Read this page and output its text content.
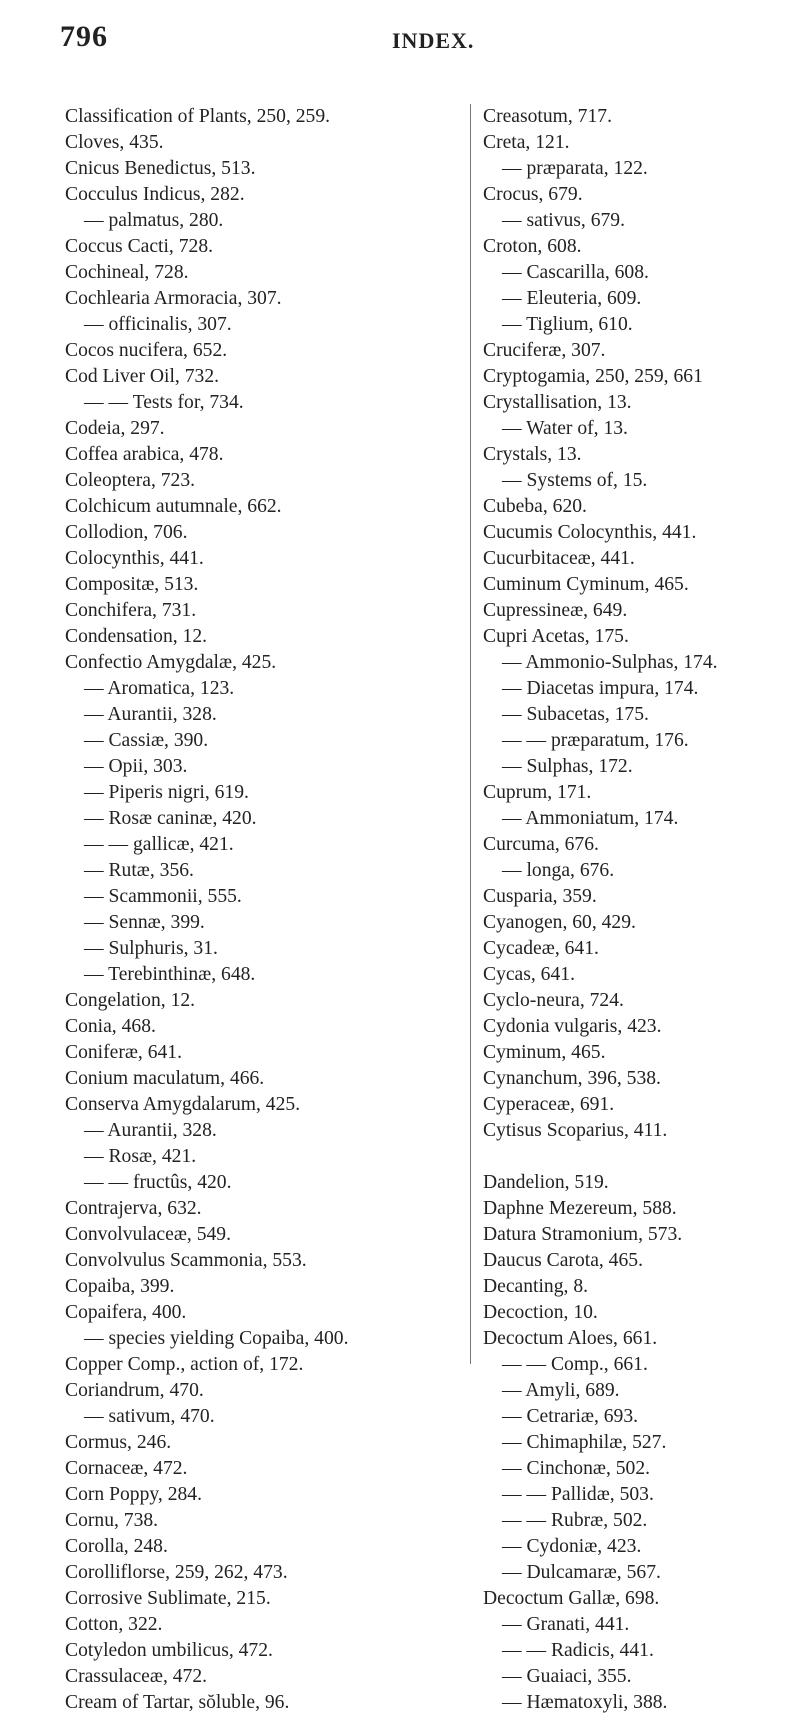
796	INDEX.
Classification of Plants, 250, 259.
Cloves, 435.
Cnicus Benedictus, 513.
Cocculus Indicus, 282.
— palmatus, 280.
Coccus Cacti, 728.
Cochineal, 728.
Cochlearia Armoracia, 307.
— officinalis, 307.
Cocos nucifera, 652.
Cod Liver Oil, 732.
— — Tests for, 734.
Codeia, 297.
Coffea arabica, 478.
Coleoptera, 723.
Colchicum autumnale, 662.
Collodion, 706.
Colocynthis, 441.
Compositæ, 513.
Conchifera, 731.
Condensation, 12.
Confectio Amygdalæ, 425.
— Aromatica, 123.
— Aurantii, 328.
— Cassiæ, 390.
— Opii, 303.
— Piperis nigri, 619.
— Rosæ caninæ, 420.
— — gallicæ, 421.
— Rutæ, 356.
— Scammonii, 555.
— Sennæ, 399.
— Sulphuris, 31.
— Terebinthinæ, 648.
Congelation, 12.
Conia, 468.
Coniferæ, 641.
Conium maculatum, 466.
Conserva Amygdalarum, 425.
— Aurantii, 328.
— Rosæ, 421.
— — fructûs, 420.
Contrajerva, 632.
Convolvulaceæ, 549.
Convolvulus Scammonia, 553.
Copaiba, 399.
Copaifera, 400.
— species yielding Copaiba, 400.
Copper Comp., action of, 172.
Coriandrum, 470.
— sativum, 470.
Cormus, 246.
Cornaceæ, 472.
Corn Poppy, 284.
Cornu, 738.
Corolla, 248.
Corolliflorse, 259, 262, 473.
Corrosive Sublimate, 215.
Cotton, 322.
Cotyledon umbilicus, 472.
Crassulaceæ, 472.
Cream of Tartar, sŏluble, 96.
Creasotum, 717.
Creta, 121.
— præparata, 122.
Crocus, 679.
— sativus, 679.
Croton, 608.
— Cascarilla, 608.
— Eleuteria, 609.
— Tiglium, 610.
Cruciferæ, 307.
Cryptogamia, 250, 259, 661
Crystallisation, 13.
— Water of, 13.
Crystals, 13.
— Systems of, 15.
Cubeba, 620.
Cucumis Colocynthis, 441.
Cucurbitaceæ, 441.
Cuminum Cyminum, 465.
Cupressineæ, 649.
Cupri Acetas, 175.
— Ammonio-Sulphas, 174.
— Diacetas impura, 174.
— Subacetas, 175.
— — præparatum, 176.
— Sulphas, 172.
Cuprum, 171.
— Ammoniatum, 174.
Curcuma, 676.
— longa, 676.
Cusparia, 359.
Cyanogen, 60, 429.
Cycadeæ, 641.
Cycas, 641.
Cyclo-neura, 724.
Cydonia vulgaris, 423.
Cyminum, 465.
Cynanchum, 396, 538.
Cyperaceæ, 691.
Cytisus Scoparius, 411.
Dandelion, 519.
Daphne Mezereum, 588.
Datura Stramonium, 573.
Daucus Carota, 465.
Decanting, 8.
Decoction, 10.
Decoctum Aloes, 661.
— — Comp., 661.
— Amyli, 689.
— Cetrariæ, 693.
— Chimaphilæ, 527.
— Cinchonæ, 502.
— — Pallidæ, 503.
— — Rubræ, 502.
— Cydoniæ, 423.
— Dulcamaræ, 567.
Decoctum Gallæ, 698.
— Granati, 441.
— — Radicis, 441.
— Guaiaci, 355.
— Hæmatoxyli, 388.
